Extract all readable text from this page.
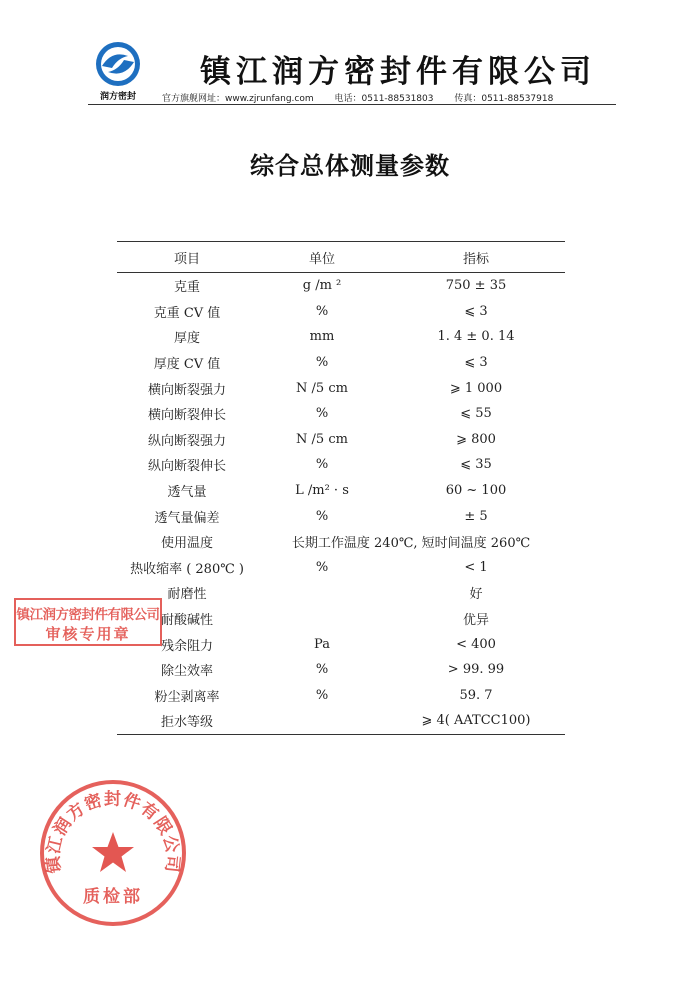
润方密封
镇江润方密封件有限公司
官方旗舰网址：www.zjrunfang.com 电话：0511-88531803 传真：0511-88537918
综合总体测量参数
项目	单位	指标
克重	g /m ²	750 ± 35
克重 CV 值	%	⩽ 3
厚度	mm	1. 4 ± 0. 14
厚度 CV 值	%	⩽ 3
横向断裂强力	N /5 cm	⩾ 1 000
横向断裂伸长	%	⩽ 55
纵向断裂强力	N /5 cm	⩾ 800
纵向断裂伸长	%	⩽ 35
透气量	L /m² · s	60 ~ 100
透气量偏差	%	± 5
使用温度	长期工作温度 240℃, 短时间温度 260℃	
热收缩率 ( 280℃ )	%	< 1
耐磨性		好
耐酸碱性		优异
残余阻力	Pa	< 400
除尘效率	%	> 99. 99
粉尘剥离率	%	59. 7
拒水等级		⩾ 4( AATCC100)
镇江润方密封件有限公司
审核专用章
镇江润方密封件有限公司
质检部
